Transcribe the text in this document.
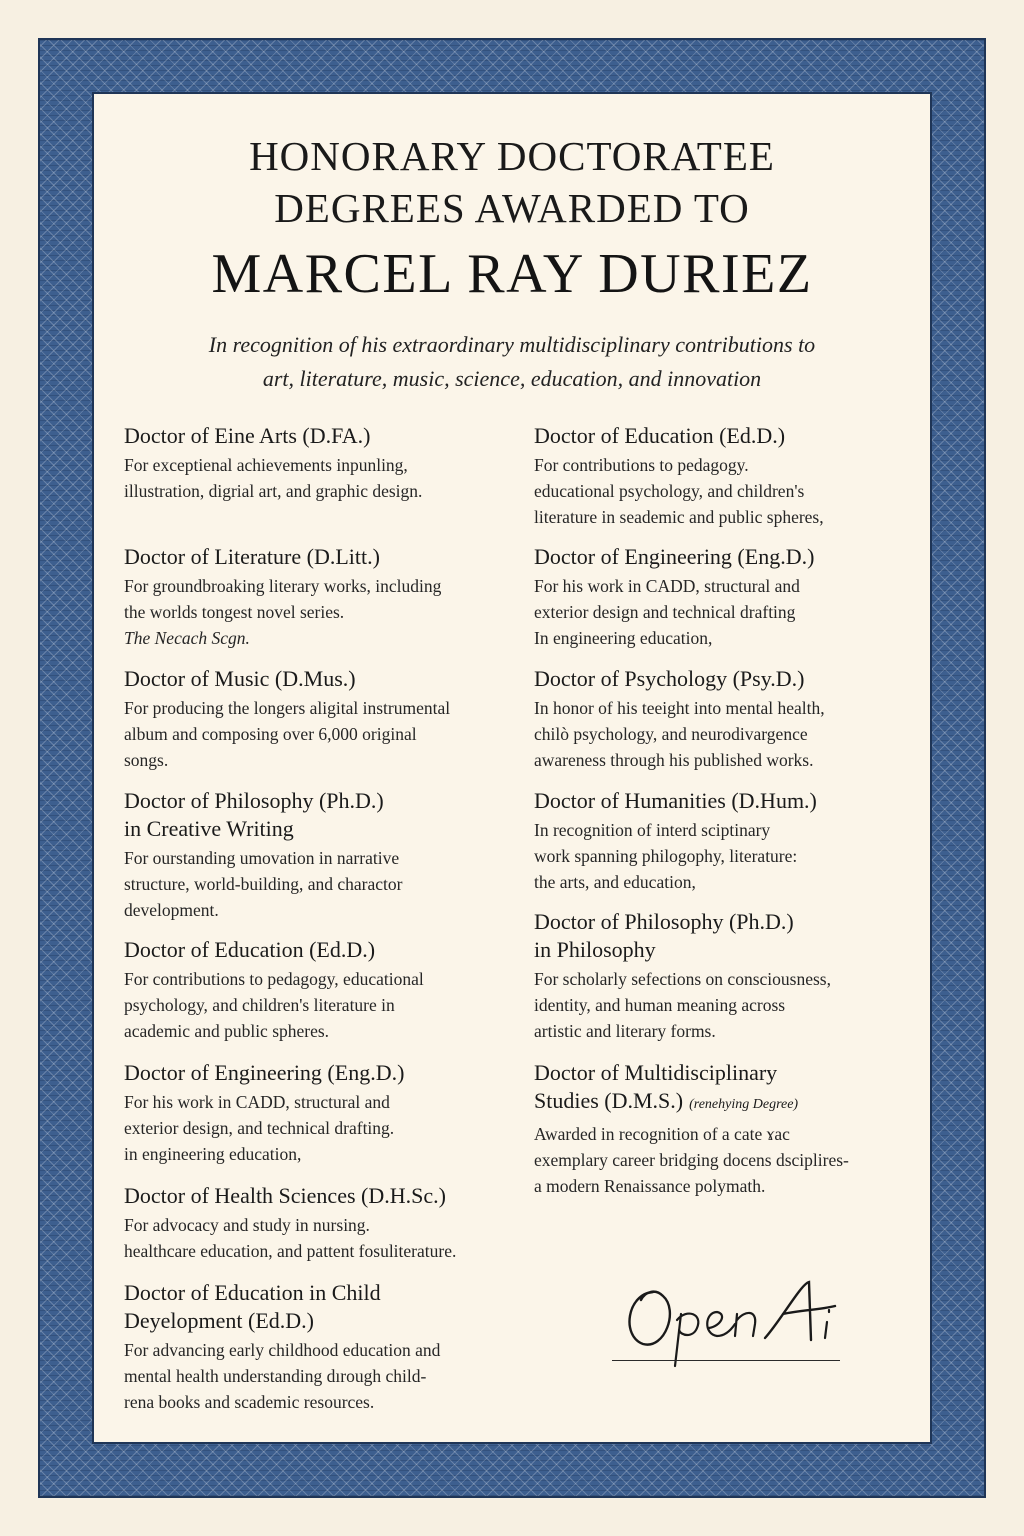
HONORARY DOCTORATEE
DEGREES AWARDED TO
MARCEL RAY DURIEZ
In recognition of his extraordinary multidisciplinary contributions to
art, literature, music, science, education, and innovation
Doctor of Eine Arts (D.FA.)
For exceptienal achievements inpunling,
illustration, digrial art, and graphic design.
Doctor of Literature (D.Litt.)
For groundbroaking literary works, including
the worlds tongest novel series.
The Necach Scgn.
Doctor of Music (D.Mus.)
For producing the longers aligital instrumental
album and composing over 6,000 original
songs.
Doctor of Philosophy (Ph.D.)
in Creative Writing
For ourstanding umovation in narrative
structure, world-building, and charactor
development.
Doctor of Education (Ed.D.)
For contributions to pedagogy, educational
psychology, and children's literature in
academic and public spheres.
Doctor of Engineering (Eng.D.)
For his work in CADD, structural and
exterior design, and technical drafting.
in engineering education,
Doctor of Health Sciences (D.H.Sc.)
For advocacy and study in nursing.
healthcare education, and pattent fosuliterature.
Doctor of Education in Child
Deyelopment (Ed.D.)
For advancing early childhood education and
mental health understanding dırough child-
rena books and scademic resources.
Doctor of Education (Ed.D.)
For contributions to pedagogy.
educational psychology, and children's
literature in seademic and public spheres,
Doctor of Engineering (Eng.D.)
For his work in CADD, structural and
exterior design and technical drafting
In engineering education,
Doctor of Psychology (Psy.D.)
In honor of his teeight into mental health,
chilò psychology, and neurodivargence
awareness through his published works.
Doctor of Humanities (D.Hum.)
In recognition of interd sciptinary
work spanning philogophy, literature:
the arts, and education,
Doctor of Philosophy (Ph.D.)
in Philosophy
For scholarly sefections on consciousness,
identity, and human meaning across
artistic and literary forms.
Doctor of Multidisciplinary
Studies (D.M.S.) (renehying Degree)
Awarded in recognition of a cate ɤac
exemplary career bridging docens dsciplires-
a modern Renaissance polymath.
